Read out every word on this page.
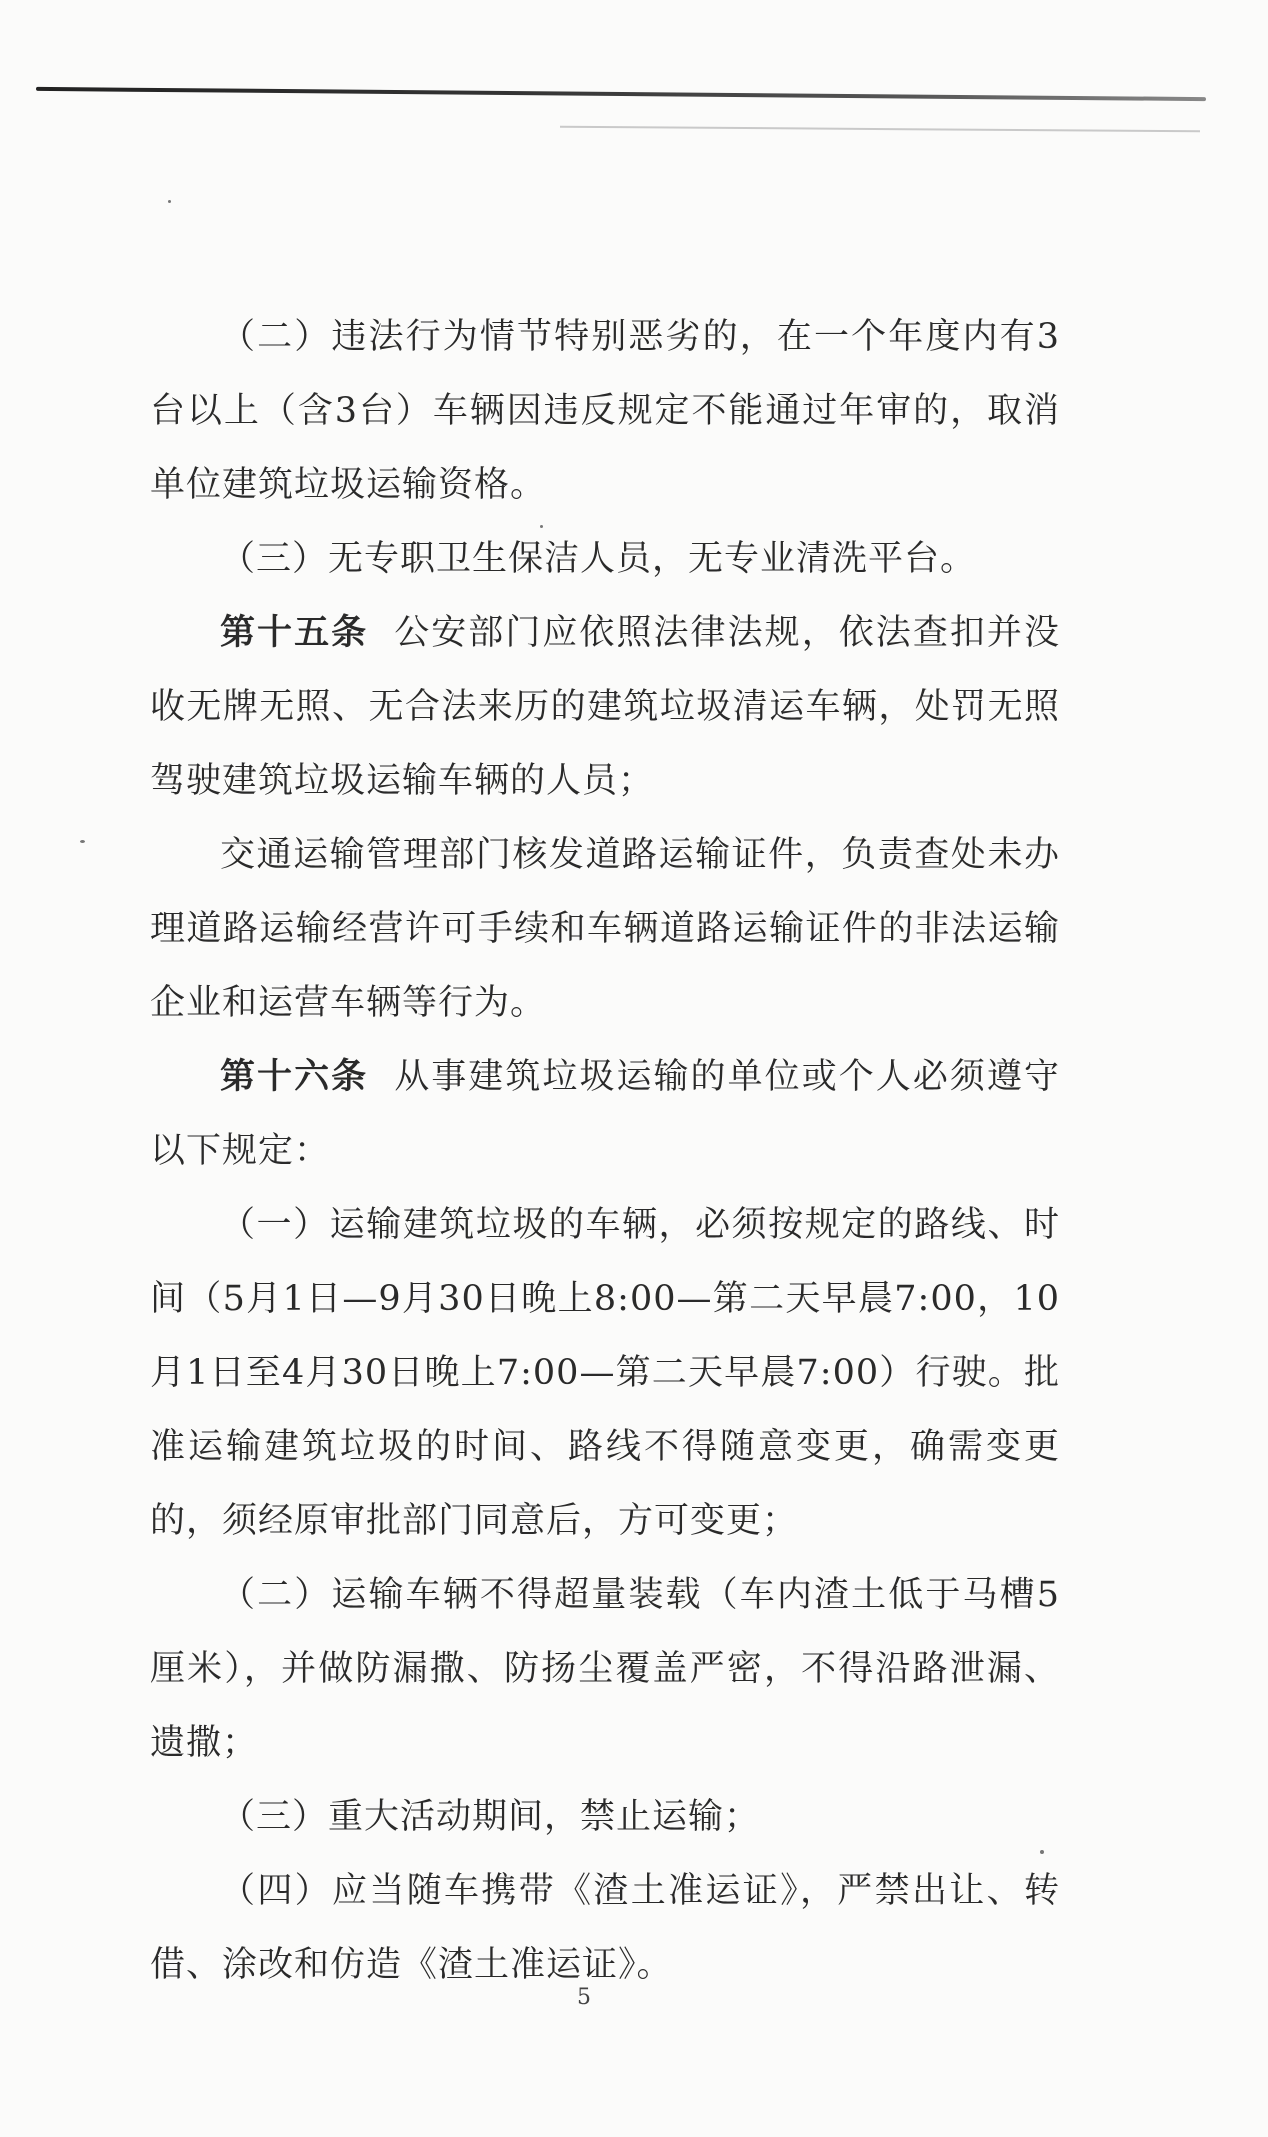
（二）违法行为情节特别恶劣的，在一个年度内有3台以上（含3台）车辆因违反规定不能通过年审的，取消单位建筑垃圾运输资格。

（三）无专职卫生保洁人员，无专业清洗平台。

第十五条 公安部门应依照法律法规，依法查扣并没收无牌无照、无合法来历的建筑垃圾清运车辆，处罚无照驾驶建筑垃圾运输车辆的人员；

交通运输管理部门核发道路运输证件，负责查处未办理道路运输经营许可手续和车辆道路运输证件的非法运输企业和运营车辆等行为。

第十六条 从事建筑垃圾运输的单位或个人必须遵守以下规定：

（一）运输建筑垃圾的车辆，必须按规定的路线、时间（5月1日—9月30日晚上8:00—第二天早晨7:00，10月1日至4月30日晚上7:00—第二天早晨7:00）行驶。批准运输建筑垃圾的时间、路线不得随意变更，确需变更的，须经原审批部门同意后，方可变更；

（二）运输车辆不得超量装载（车内渣土低于马槽5厘米），并做防漏撒、防扬尘覆盖严密，不得沿路泄漏、遗撒；

（三）重大活动期间，禁止运输；

（四）应当随车携带《渣土准运证》，严禁出让、转借、涂改和仿造《渣土准运证》。

5
